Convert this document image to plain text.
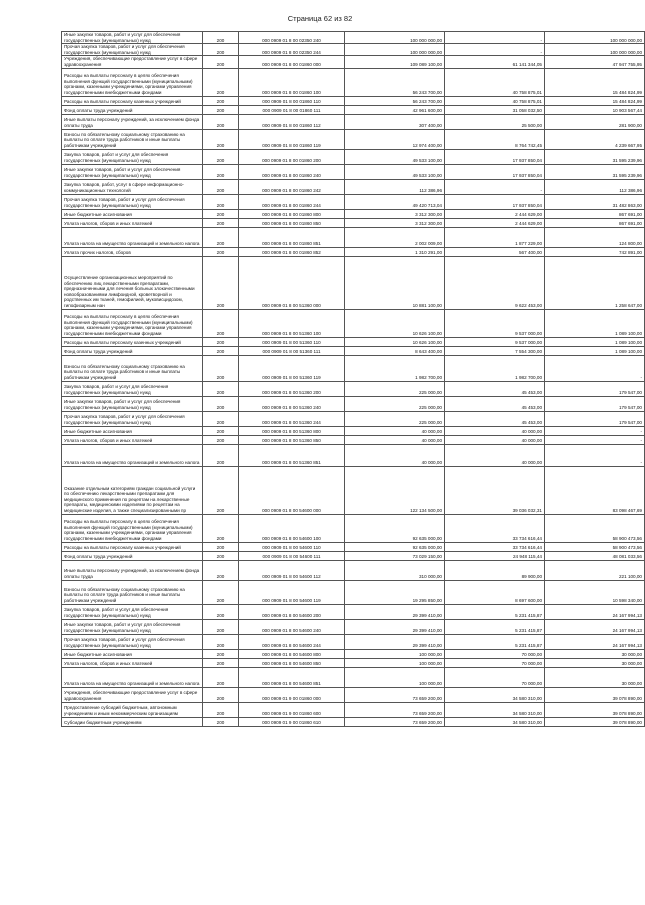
Страница 62 из 82
Иные закупки товаров, работ и услуг для обеспечения государственных (муниципальных) нужд	200	000 0909 01 8 00 02350 240	100 000 000,00	-	100 000 000,00
Прочая закупка товаров, работ и услуг для обеспечения государственных (муниципальных) нужд	200	000 0909 01 8 00 02350 244	100 000 000,00	-	100 000 000,00
Учреждения, обеспечивающие предоставление услуг в сфере здравоохранения	200	000 0909 01 8 00 01860 000	109 089 100,00	61 141 344,05	47 947 755,95
Расходы на выплаты персоналу в целях обеспечения выполнения функций государственными (муниципальными) органами, казенными учреждениями, органами управления государственными внебюджетными фондами	200	000 0909 01 8 00 01860 100	56 243 700,00	40 758 875,01	15 484 824,99
Расходы на выплаты персоналу казенных учреждений	200	000 0909 01 8 00 01860 110	56 243 700,00	40 758 875,01	15 484 824,99
Фонд оплаты труда учреждений	200	000 0909 01 8 00 01860 111	42 961 600,00	31 058 032,50	10 903 567,44
Иные выплаты персоналу учреждений, за исключением фонда оплаты труда	200	000 0909 01 8 00 01860 112	307 400,00	25 500,00	281 900,00
Взносы по обязательному социальному страхованию на выплаты по оплате труда работников и иные выплаты работникам учреждений	200	000 0909 01 8 00 01860 119	12 974 400,00	8 764 742,45	4 239 667,95
Закупка товаров, работ и услуг для обеспечения государственных (муниципальных) нужд	200	000 0909 01 8 00 01860 200	49 533 100,00	17 937 850,04	31 595 239,96
Иные закупки товаров, работ и услуг для обеспечения государственных (муниципальных) нужд	200	000 0909 01 8 00 01860 240	49 533 100,00	17 937 850,04	31 595 239,96
Закупка товаров, работ, услуг в сфере информационно-коммуникационных технологий	200	000 0909 01 8 00 01860 242	112 386,96	-	112 386,96
Прочая закупка товаров, работ и услуг для обеспечения государственных (муниципальных) нужд	200	000 0909 01 8 00 01860 244	49 420 713,04	17 937 850,04	31 482 863,00
Иные бюджетные ассигнования	200	000 0909 01 8 00 01860 800	3 312 300,00	2 444 629,00	867 691,00
Уплата налогов, сборов и иных платежей	200	000 0909 01 8 00 01860 850	3 312 300,00	2 444 629,00	867 691,00
Уплата налога на имущество организаций и земельного налога	200	000 0909 01 8 00 01860 851	2 002 009,00	1 877 229,00	124 800,00
Уплата прочих налогов, сборов	200	000 0909 01 8 00 01860 852	1 310 291,00	567 400,00	742 891,00
Осуществление организационных мероприятий по обеспечению лиц лекарственными препаратами, предназначенными для лечения больных злокачественными новообразованиями лимфоидной, кроветворной и родственных им тканей, гемофилией, муковисцидозом, гипофизарным нан	200	000 0909 01 8 00 51360 000	10 881 100,00	9 622 453,00	1 258 647,00
Расходы на выплаты персоналу в целях обеспечения выполнения функций государственными (муниципальными) органами, казенными учреждениями, органами управления государственными внебюджетными фондами	200	000 0909 01 8 00 51360 100	10 626 100,00	9 537 000,00	1 089 100,00
Расходы на выплаты персоналу казенных учреждений	200	000 0909 01 8 00 51360 110	10 626 100,00	9 537 000,00	1 089 100,00
Фонд оплаты труда учреждений	200	000 0909 01 8 00 51360 111	8 643 400,00	7 554 300,00	1 089 100,00
Взносы по обязательному социальному страхованию на выплаты по оплате труда работников и иные выплаты работникам учреждений	200	000 0909 01 8 00 51360 119	1 982 700,00	1 982 700,00	-
Закупка товаров, работ и услуг для обеспечения государственных (муниципальных) нужд	200	000 0909 01 8 00 51360 200	225 000,00	45 453,00	179 547,00
Иные закупки товаров, работ и услуг для обеспечения государственных (муниципальных) нужд	200	000 0909 01 8 00 51360 240	225 000,00	45 453,00	179 547,00
Прочая закупка товаров, работ и услуг для обеспечения государственных (муниципальных) нужд	200	000 0909 01 8 00 51360 244	225 000,00	45 453,00	179 547,00
Иные бюджетные ассигнования	200	000 0909 01 8 00 51360 800	40 000,00	40 000,00	-
Уплата налогов, сборов и иных платежей	200	000 0909 01 8 00 51360 850	40 000,00	40 000,00	-
Уплата налога на имущество организаций и земельного налога	200	000 0909 01 8 00 51360 851	40 000,00	40 000,00	-
Оказание отдельным категориям граждан социальной услуги по обеспечению лекарственными препаратами для медицинского применения по рецептам на лекарственные препараты, медицинскими изделиями по рецептам на медицинские изделия, а также специализированными пр	200	000 0909 01 8 00 54600 000	122 134 500,00	39 036 032,31	83 098 467,69
Расходы на выплаты персоналу в целях обеспечения выполнения функций государственными (муниципальными) органами, казенными учреждениями, органами управления государственными внебюджетными фондами	200	000 0909 01 8 00 54600 100	92 635 000,00	33 734 616,44	58 900 473,56
Расходы на выплаты персоналу казенных учреждений	200	000 0909 01 8 00 54600 110	92 635 000,00	33 734 616,44	58 900 473,56
Фонд оплаты труда учреждений	200	000 0909 01 8 00 54600 111	73 029 150,00	24 948 115,44	48 081 033,56
Иные выплаты персоналу учреждений, за исключением фонда оплаты труда	200	000 0909 01 8 00 54600 112	310 000,00	89 900,00	221 100,00
Взносы по обязательному социальному страхованию на выплаты по оплате труда работников и иные выплаты работникам учреждений	200	000 0909 01 8 00 54600 119	19 295 850,00	8 697 600,00	10 598 340,00
Закупка товаров, работ и услуг для обеспечения государственных (муниципальных) нужд	200	000 0909 01 8 00 54600 200	29 399 410,00	5 231 415,87	24 167 994,13
Иные закупки товаров, работ и услуг для обеспечения государственных (муниципальных) нужд	200	000 0909 01 8 00 54600 240	29 399 410,00	5 231 415,87	24 167 994,13
Прочая закупка товаров, работ и услуг для обеспечения государственных (муниципальных) нужд	200	000 0909 01 8 00 54600 244	29 399 410,00	5 231 415,87	24 167 994,13
Иные бюджетные ассигнования	200	000 0909 01 8 00 54600 800	100 000,00	70 000,00	30 000,00
Уплата налогов, сборов и иных платежей	200	000 0909 01 8 00 54600 850	100 000,00	70 000,00	30 000,00
Уплата налога на имущество организаций и земельного налога	200	000 0909 01 8 00 54600 851	100 000,00	70 000,00	30 000,00
Учреждения, обеспечивающие предоставление услуг в сфере здравоохранения	200	000 0909 01 9 00 01860 000	73 659 200,00	34 580 310,00	39 078 890,00
Предоставление субсидий бюджетным, автономным учреждениям и иным некоммерческим организациям	200	000 0909 01 9 00 01860 600	73 659 200,00	34 580 310,00	39 078 890,00
Субсидии бюджетным учреждениям	200	000 0909 01 9 00 01860 610	73 659 200,00	34 580 310,00	39 078 890,00
